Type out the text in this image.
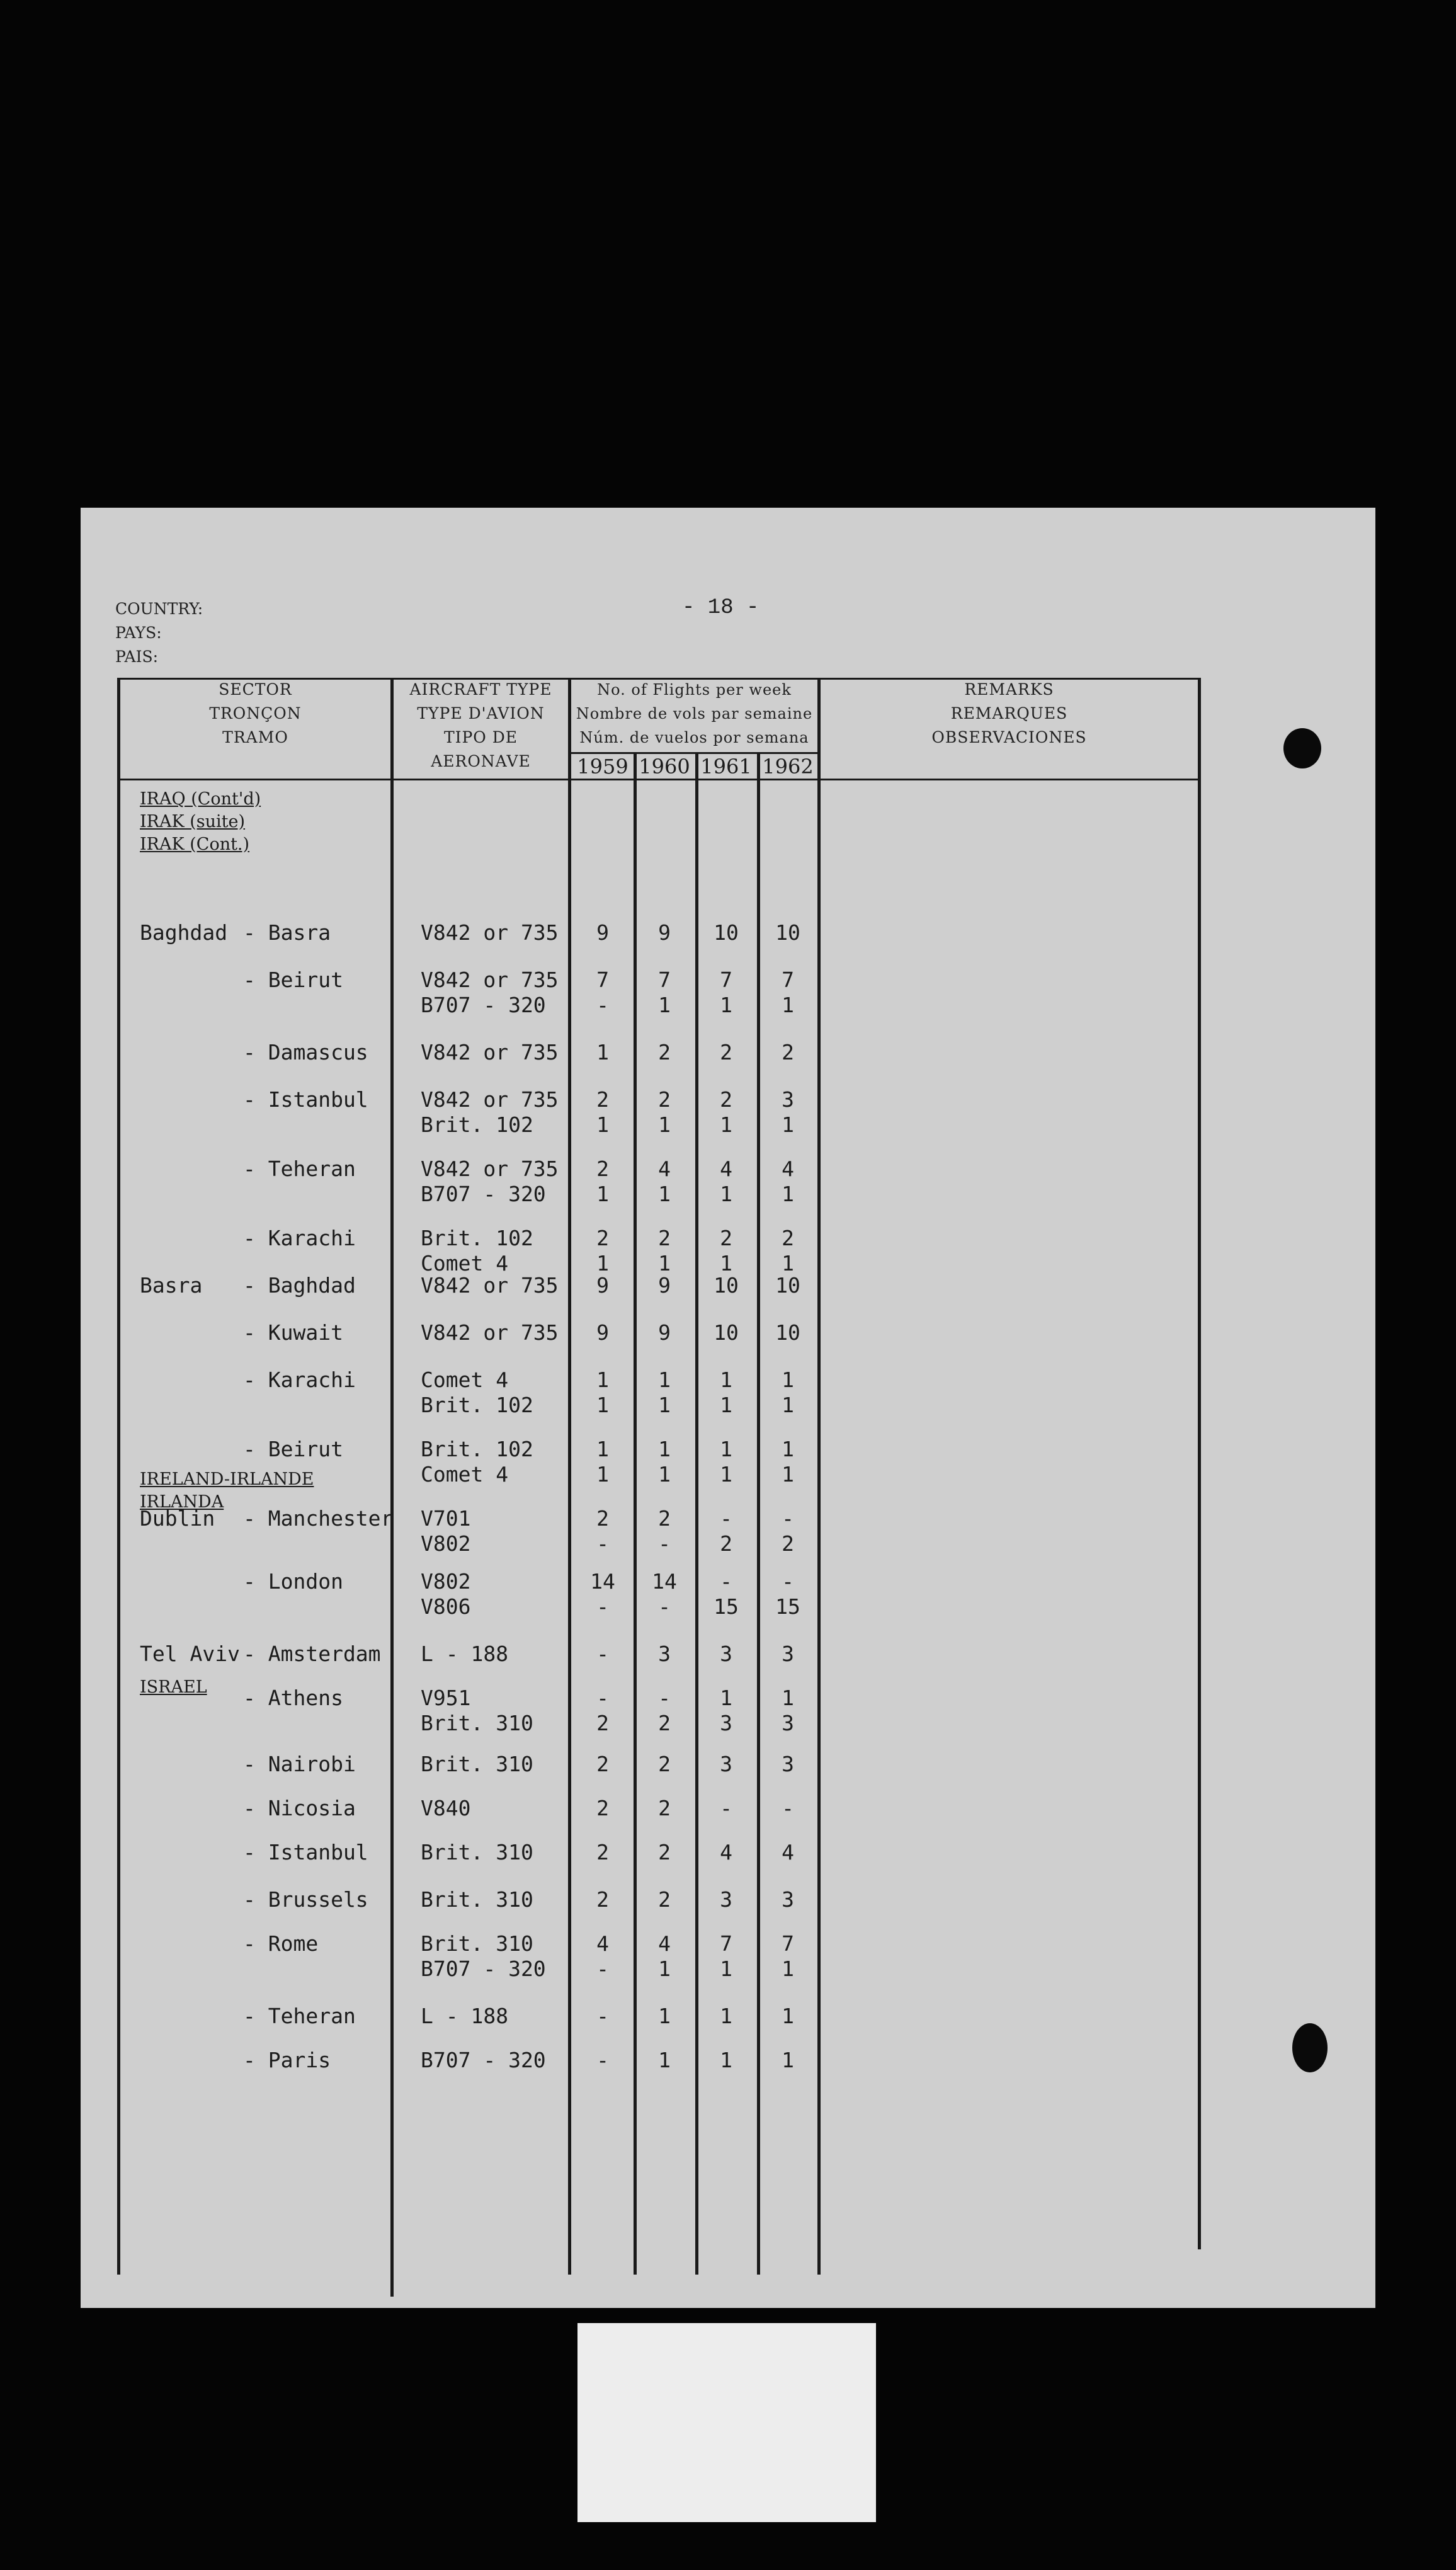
COUNTRY:
PAYS:
PAIS:
- 18 -
SECTOR
TRONÇON
TRAMO
AIRCRAFT TYPE
TYPE D'AVION
TIPO DE AERONAVE
No. of Flights per week
Nombre de vols par semaine
Núm. de vuelos por semana
REMARKS
REMARQUES
OBSERVACIONES
1959 1960 1961 1962
IRAQ (Cont'd)
IRAK (suite)
IRAK (Cont.)
IRELAND-IRLANDE
IRLANDA
ISRAEL
Baghdad - Basra	V842 or 735	9	9	10	10
- Beirut	V842 or 735	7	7	7	7
B707 - 320	-	1	1	1
- Damascus	V842 or 735	1	2	2	2
- Istanbul	V842 or 735	2	2	2	3
Brit. 102	1	1	1	1
- Teheran	V842 or 735	2	4	4	4
B707 - 320	1	1	1	1
- Karachi	Brit. 102	2	2	2	2
Comet 4	1	1	1	1
Basra - Baghdad	V842 or 735	9	9	10	10
- Kuwait	V842 or 735	9	9	10	10
- Karachi	Comet 4	1	1	1	1
Brit. 102	1	1	1	1
- Beirut	Brit. 102	1	1	1	1
Comet 4	1	1	1	1
Dublin - Manchester V701	2	2	-	-
V802	-	-	2	2
- London	V802	14	14	-	-
V806	-	-	15	15
Tel Aviv - Amsterdam L - 188	-	3	3	3
- Athens	V951	-	-	1	1
Brit. 310	2	2	3	3
- Nairobi	Brit. 310	2	2	3	3
- Nicosia	V840	2	2	-	-
- Istanbul	Brit. 310	2	2	4	4
- Brussels	Brit. 310	2	2	3	3
- Rome	Brit. 310	4	4	7	7
B707 - 320	-	1	1	1
- Teheran	L - 188	-	1	1	1
- Paris	B707 - 320	-	1	1	1
